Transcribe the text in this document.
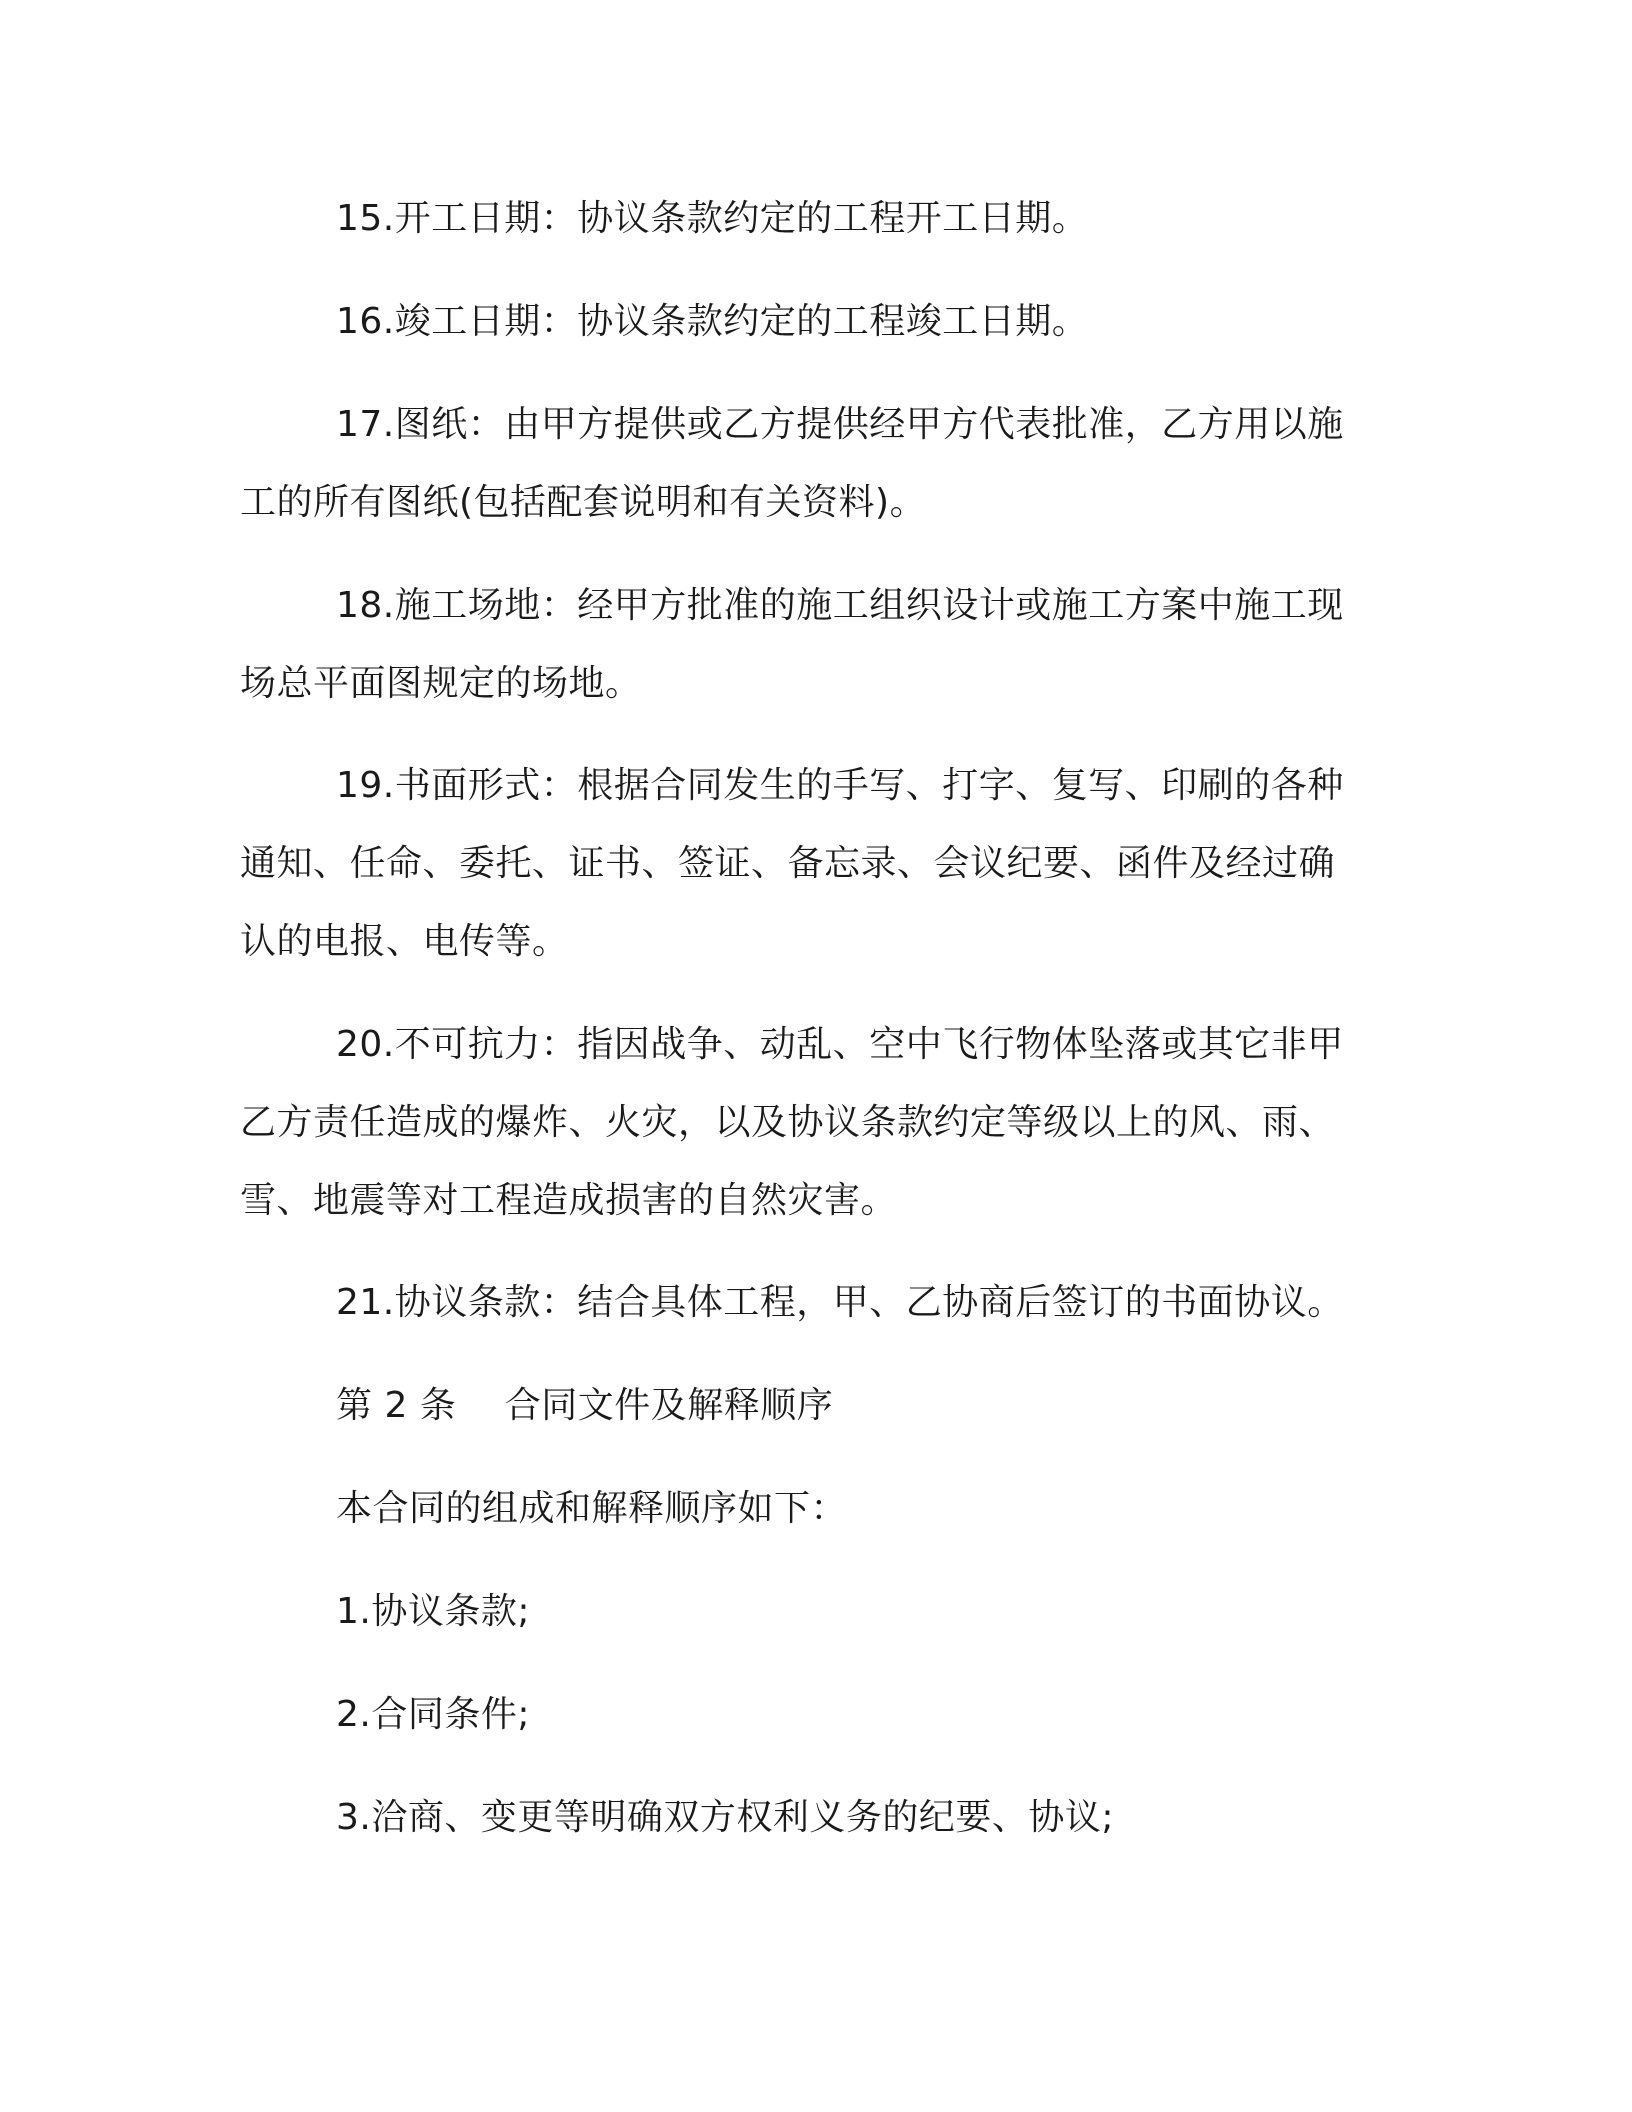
15.开工日期：协议条款约定的工程开工日期。

16.竣工日期：协议条款约定的工程竣工日期。

17.图纸：由甲方提供或乙方提供经甲方代表批准，乙方用以施工的所有图纸(包括配套说明和有关资料)。

18.施工场地：经甲方批准的施工组织设计或施工方案中施工现场总平面图规定的场地。

19.书面形式：根据合同发生的手写、打字、复写、印刷的各种通知、任命、委托、证书、签证、备忘录、会议纪要、函件及经过确认的电报、电传等。

20.不可抗力：指因战争、动乱、空中飞行物体坠落或其它非甲乙方责任造成的爆炸、火灾，以及协议条款约定等级以上的风、雨、雪、地震等对工程造成损害的自然灾害。

21.协议条款：结合具体工程，甲、乙协商后签订的书面协议。

第 2 条　 合同文件及解释顺序

本合同的组成和解释顺序如下：

1.协议条款;

2.合同条件;

3.洽商、变更等明确双方权利义务的纪要、协议;
